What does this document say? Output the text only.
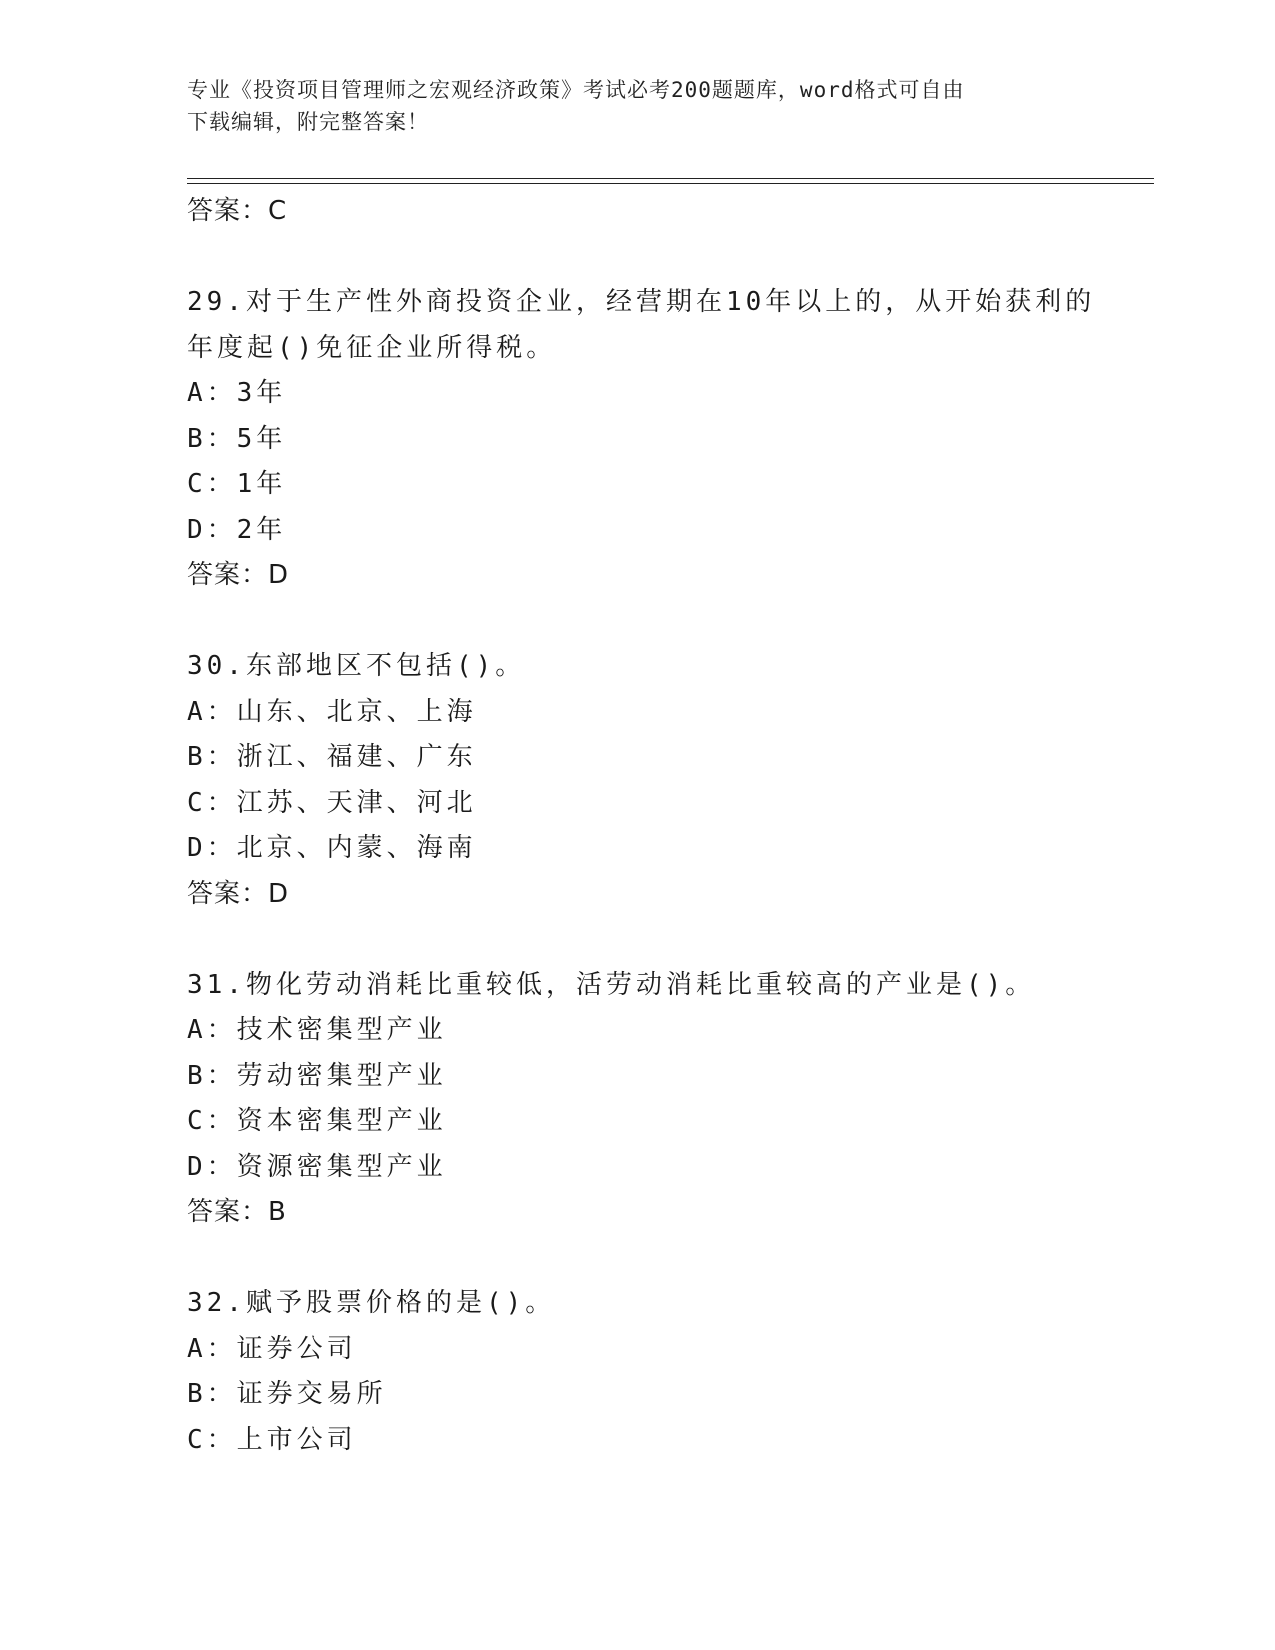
专业《投资项目管理师之宏观经济政策》考试必考200题题库，word格式可自由
下载编辑，附完整答案！
答案：C
29.对于生产性外商投资企业，经营期在10年以上的，从开始获利的
年度起()免征企业所得税。
A：3年
B：5年
C：1年
D：2年
答案：D
30.东部地区不包括()。
A：山东、北京、上海
B：浙江、福建、广东
C：江苏、天津、河北
D：北京、内蒙、海南
答案：D
31.物化劳动消耗比重较低，活劳动消耗比重较高的产业是()。
A：技术密集型产业
B：劳动密集型产业
C：资本密集型产业
D：资源密集型产业
答案：B
32.赋予股票价格的是()。
A：证券公司
B：证券交易所
C：上市公司
